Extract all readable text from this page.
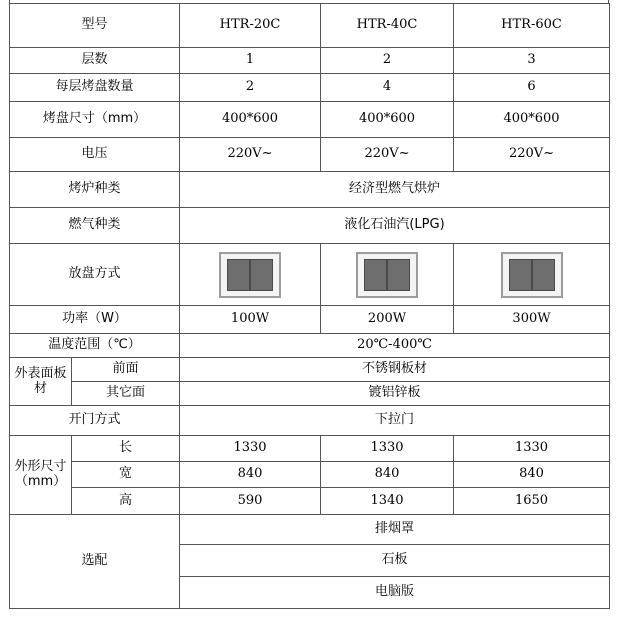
型号		HTR-20C	HTR-40C	HTR-60C
层数		1	2	3
每层烤盘数量		2	4	6
烤盘尺寸（mm）		400*600	400*600	400*600
电压		220V~	220V~	220V~
烤炉种类		经济型燃气烘炉		
燃气种类		液化石油汽(LPG)		
放盘方式		

功率（W）		100W	200W	300W
温度范围（℃）		20℃-400℃		
外表面板材	前面	不锈钢板材		
	其它面	镀铝锌板		
开门方式		下拉门		
外形尺寸（mm）	长	1330	1330	1330
	宽	840	840	840
	高	590	1340	1650
选配		排烟罩		
		石板		
		电脑版		
